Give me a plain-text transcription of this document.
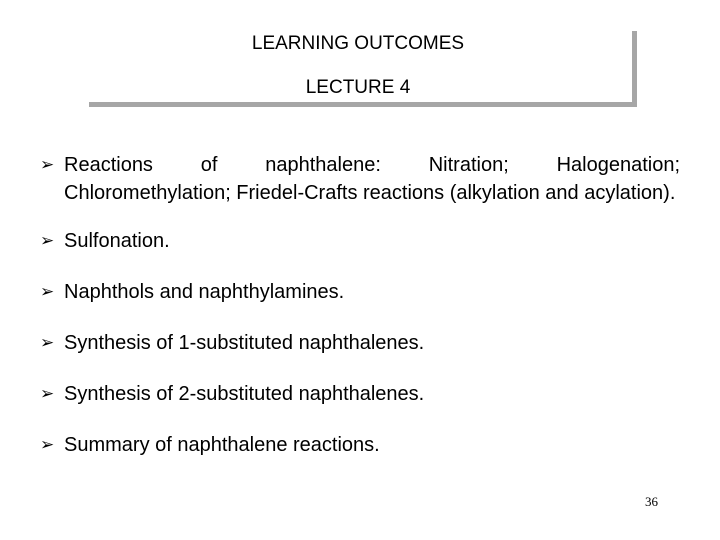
LEARNING OUTCOMES
LECTURE 4
➢ Reactions of naphthalene: Nitration; Halogenation; Chloromethylation; Friedel-Crafts reactions (alkylation and acylation).
➢ Sulfonation.
➢ Naphthols and naphthylamines.
➢ Synthesis of 1-substituted naphthalenes.
➢ Synthesis of 2-substituted naphthalenes.
➢ Summary of naphthalene reactions.
36
